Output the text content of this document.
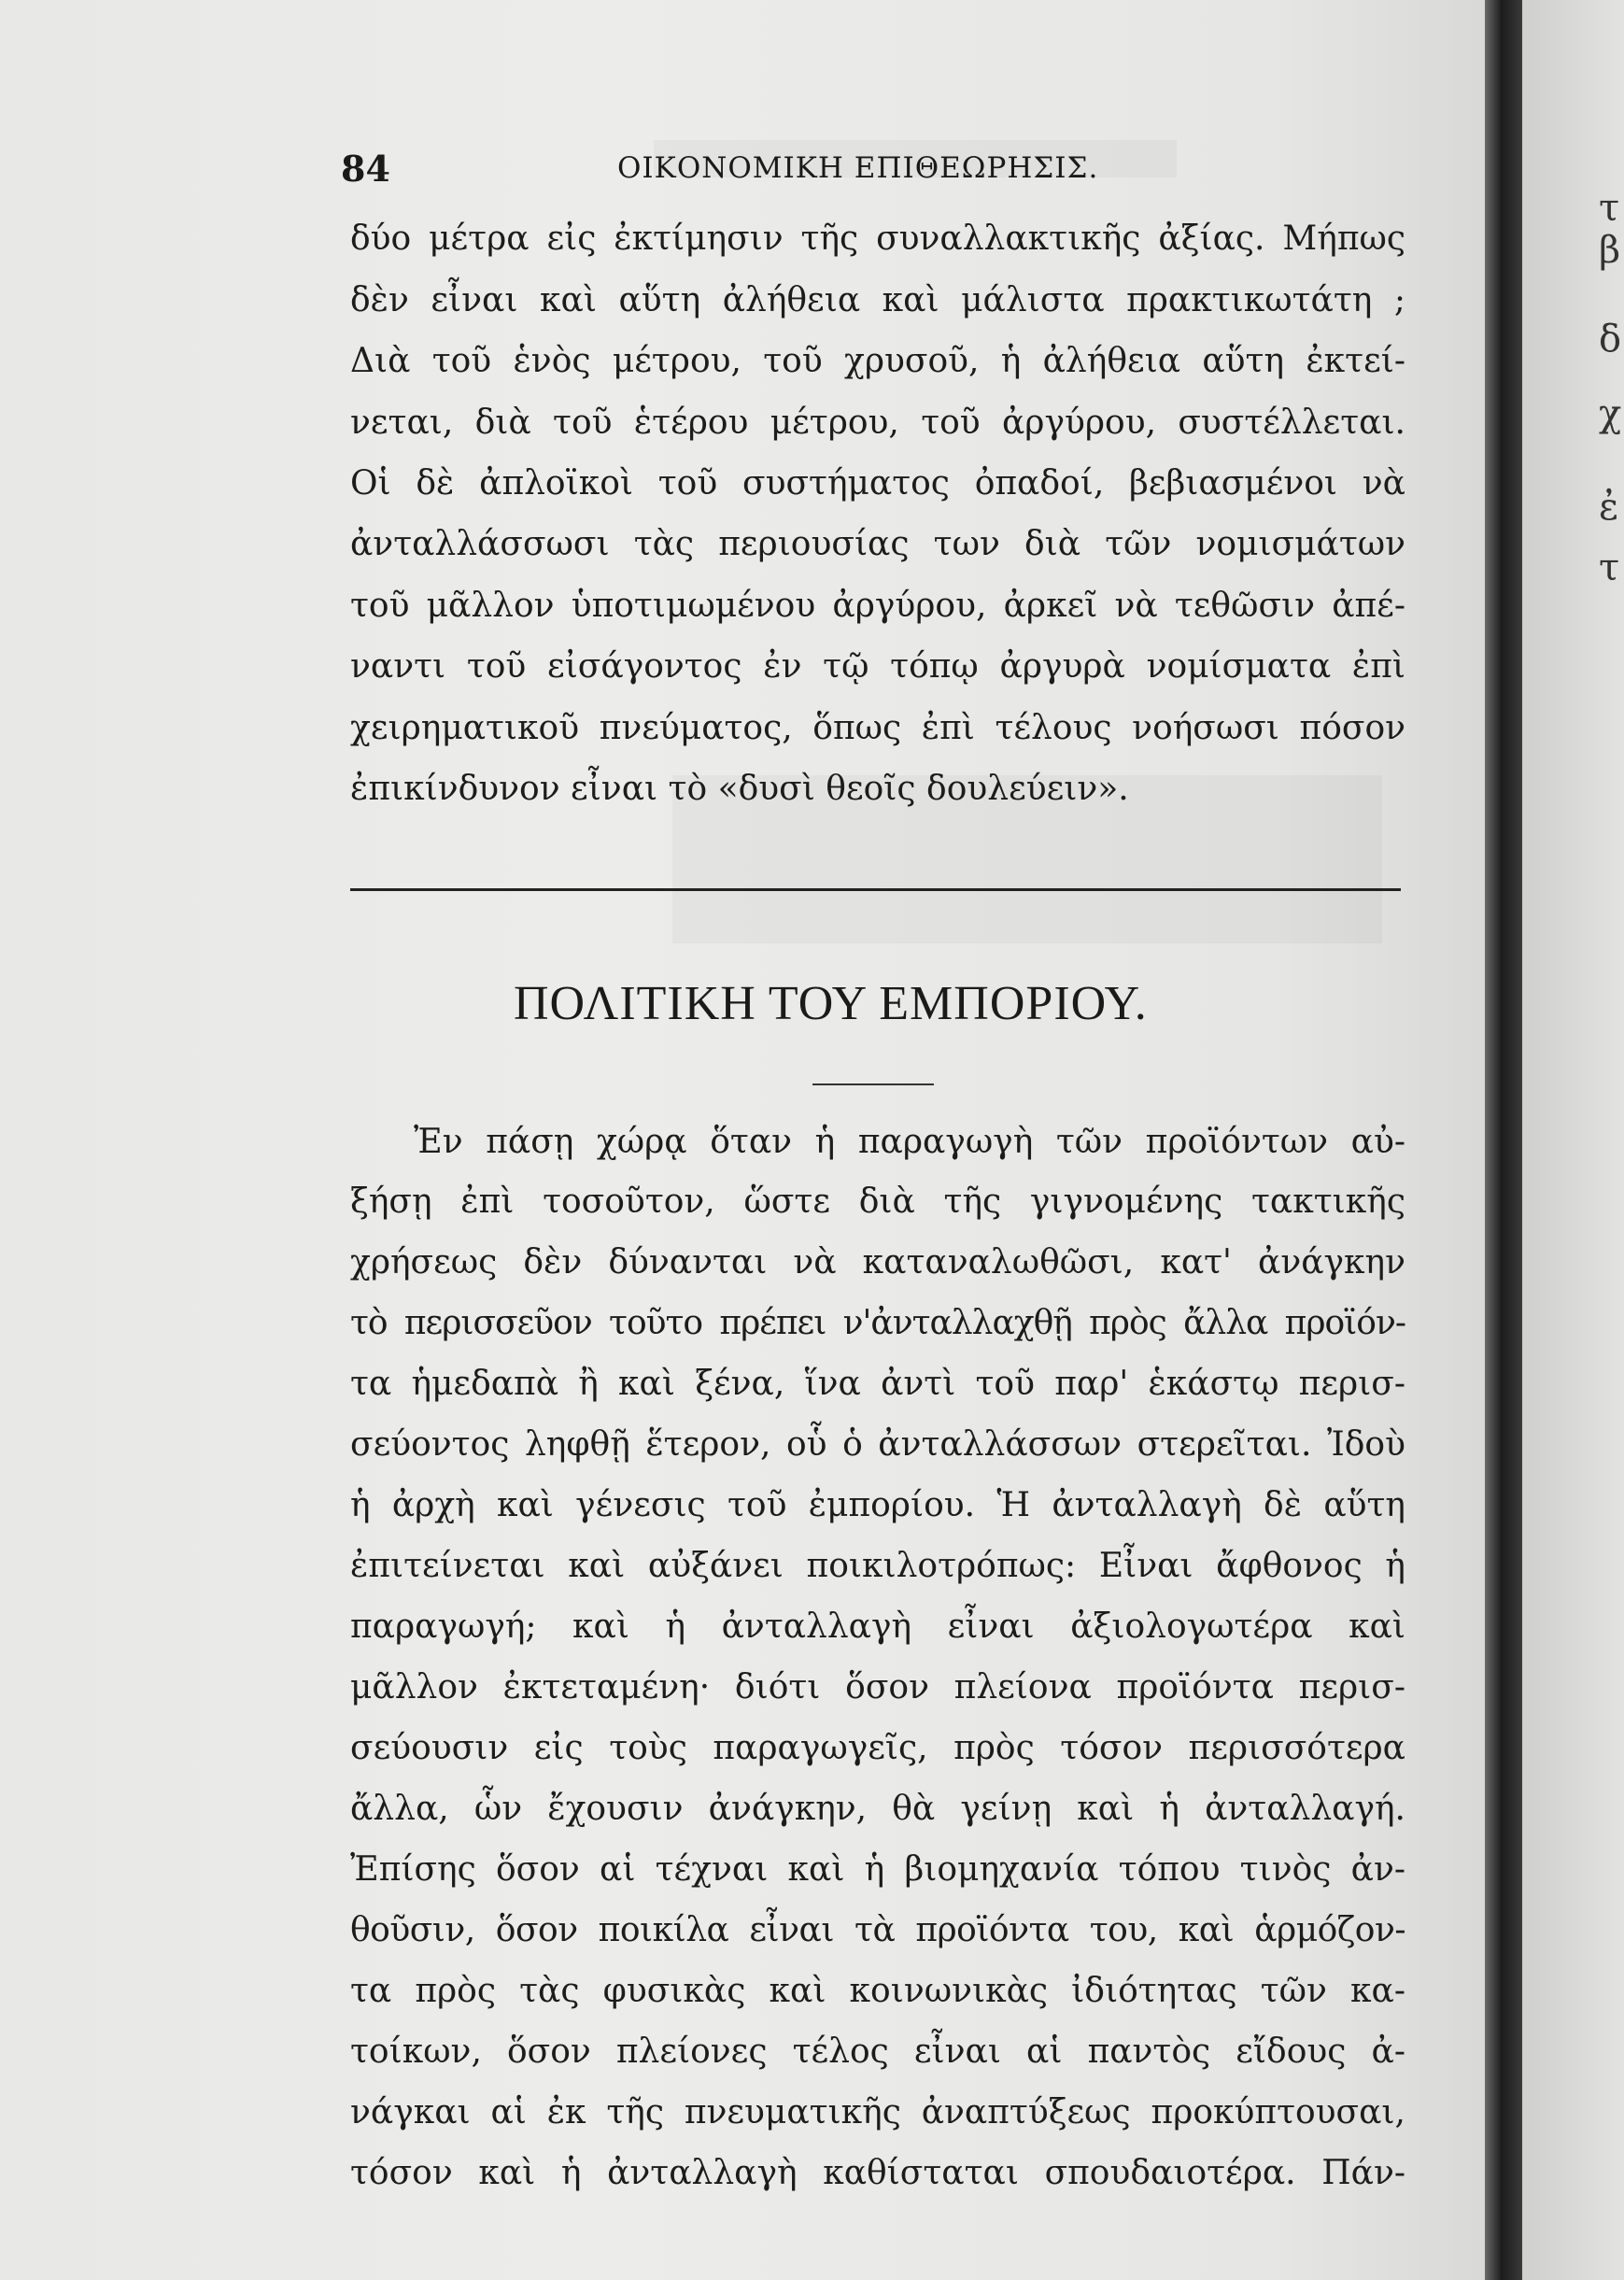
τ
β
δ
χ
ἐ
τ
84	ΟΙΚΟΝΟΜΙΚΗ ΕΠΙΘΕΩΡΗΣΙΣ.
δύο μέτρα εἰς ἐκτίμησιν τῆς συναλλακτικῆς ἀξίας. Μήπως
δὲν εἶναι καὶ αὕτη ἀλήθεια καὶ μάλιστα πρακτικωτάτη ;
Διὰ τοῦ ἑνὸς μέτρου, τοῦ χρυσοῦ, ἡ ἀλήθεια αὕτη ἐκτεί-
νεται, διὰ τοῦ ἑτέρου μέτρου, τοῦ ἀργύρου, συστέλλεται.
Οἱ δὲ ἀπλοϊκοὶ τοῦ συστήματος ὀπαδοί, βεβιασμένοι νὰ
ἀνταλλάσσωσι τὰς περιουσίας των διὰ τῶν νομισμάτων
τοῦ μᾶλλον ὑποτιμωμένου ἀργύρου, ἀρκεῖ νὰ τεθῶσιν ἀπέ-
ναντι τοῦ εἰσάγοντος ἐν τῷ τόπῳ ἀργυρὰ νομίσματα ἐπὶ
χειρηματικοῦ πνεύματος, ὅπως ἐπὶ τέλους νοήσωσι πόσον
ἐπικίνδυνον εἶναι τὸ «δυσὶ θεοῖς δουλεύειν».
ΠΟΛΙΤΙΚΗ ΤΟΥ ΕΜΠΟΡΙΟΥ.
Ἐν πάσῃ χώρᾳ ὅταν ἡ παραγωγὴ τῶν προϊόντων αὐ-
ξήσῃ ἐπὶ τοσοῦτον, ὥστε διὰ τῆς γιγνομένης τακτικῆς
χρήσεως δὲν δύνανται νὰ καταναλωθῶσι, κατ' ἀνάγκην
τὸ περισσεῦον τοῦτο πρέπει ν'ἀνταλλαχθῇ πρὸς ἄλλα προϊόν-
τα ἡμεδαπὰ ἢ καὶ ξένα, ἵνα ἀντὶ τοῦ παρ' ἑκάστῳ περισ-
σεύοντος ληφθῇ ἕτερον, οὗ ὁ ἀνταλλάσσων στερεῖται. Ἰδοὺ
ἡ ἀρχὴ καὶ γένεσις τοῦ ἐμπορίου. Ἡ ἀνταλλαγὴ δὲ αὕτη
ἐπιτείνεται καὶ αὐξάνει ποικιλοτρόπως: Εἶναι ἄφθονος ἡ
παραγωγή; καὶ ἡ ἀνταλλαγὴ εἶναι ἀξιολογωτέρα καὶ
μᾶλλον ἐκτεταμένη· διότι ὅσον πλείονα προϊόντα περισ-
σεύουσιν εἰς τοὺς παραγωγεῖς, πρὸς τόσον περισσότερα
ἄλλα, ὧν ἔχουσιν ἀνάγκην, θὰ γείνῃ καὶ ἡ ἀνταλλαγή.
Ἐπίσης ὅσον αἱ τέχναι καὶ ἡ βιομηχανία τόπου τινὸς ἀν-
θοῦσιν, ὅσον ποικίλα εἶναι τὰ προϊόντα του, καὶ ἁρμόζον-
τα πρὸς τὰς φυσικὰς καὶ κοινωνικὰς ἰδιότητας τῶν κα-
τοίκων, ὅσον πλείονες τέλος εἶναι αἱ παντὸς εἴδους ἀ-
νάγκαι αἱ ἐκ τῆς πνευματικῆς ἀναπτύξεως προκύπτουσαι,
τόσον καὶ ἡ ἀνταλλαγὴ καθίσταται σπουδαιοτέρα. Πάν-
